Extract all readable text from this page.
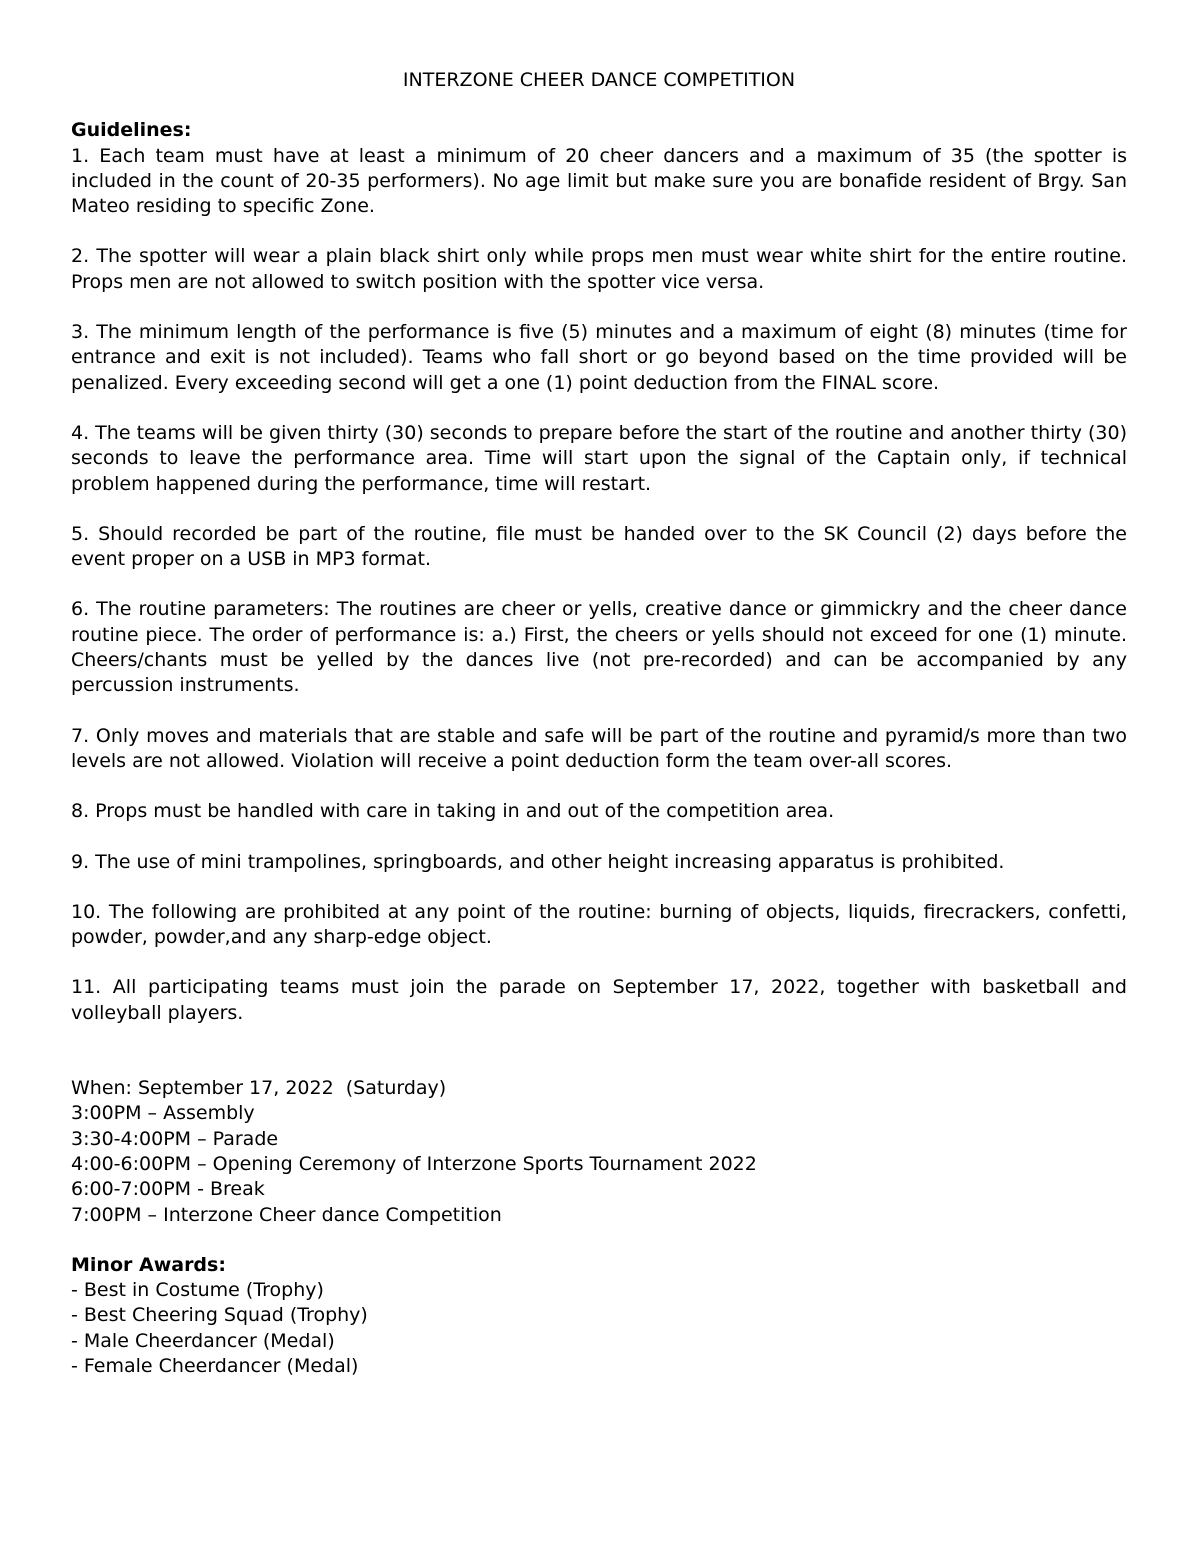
INTERZONE CHEER DANCE COMPETITION

Guidelines:

1. Each team must have at least a minimum of 20 cheer dancers and a maximum of 35 (the spotter is included in the count of 20-35 performers). No age limit but make sure you are bonafide resident of Brgy. San Mateo residing to specific Zone.

2. The spotter will wear a plain black shirt only while props men must wear white shirt for the entire routine. Props men are not allowed to switch position with the spotter vice versa.

3. The minimum length of the performance is five (5) minutes and a maximum of eight (8) minutes (time for entrance and exit is not included). Teams who fall short or go beyond based on the time provided will be penalized. Every exceeding second will get a one (1) point deduction from the FINAL score.

4. The teams will be given thirty (30) seconds to prepare before the start of the routine and another thirty (30) seconds to leave the performance area. Time will start upon the signal of the Captain only, if technical problem happened during the performance, time will restart.

5. Should recorded be part of the routine, file must be handed over to the SK Council (2) days before the event proper on a USB in MP3 format.

6. The routine parameters: The routines are cheer or yells, creative dance or gimmickry and the cheer dance routine piece. The order of performance is: a.) First, the cheers or yells should not exceed for one (1) minute. Cheers/chants must be yelled by the dances live (not pre-recorded) and can be accompanied by any percussion instruments.

7. Only moves and materials that are stable and safe will be part of the routine and pyramid/s more than two levels are not allowed. Violation will receive a point deduction form the team over-all scores.

8. Props must be handled with care in taking in and out of the competition area.

9. The use of mini trampolines, springboards, and other height increasing apparatus is prohibited.

10. The following are prohibited at any point of the routine: burning of objects, liquids, firecrackers, confetti, powder, powder,and any sharp-edge object.

11. All participating teams must join the parade on September 17, 2022, together with basketball and volleyball players.

When: September 17, 2022  (Saturday)

3:00PM – Assembly

3:30-4:00PM – Parade

4:00-6:00PM – Opening Ceremony of Interzone Sports Tournament 2022

6:00-7:00PM - Break

7:00PM – Interzone Cheer dance Competition

Minor Awards:

- Best in Costume (Trophy)

- Best Cheering Squad (Trophy)

- Male Cheerdancer (Medal)

- Female Cheerdancer (Medal)
